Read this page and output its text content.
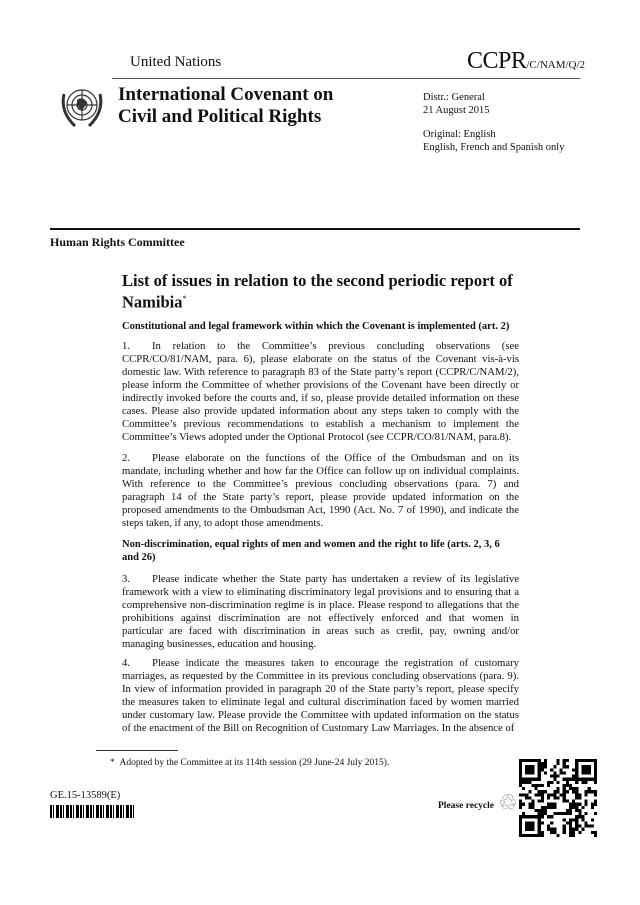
United Nations	CCPR/C/NAM/Q/2
International Covenant on
Civil and Political Rights
Distr.: General
21 August 2015
Original: English
English, French and Spanish only
Human Rights Committee
List of issues in relation to the second periodic report of
Namibia*
Constitutional and legal framework within which the Covenant is implemented (art. 2)
1. In relation to the Committee’s previous concluding observations (see
CCPR/CO/81/NAM, para. 6), please elaborate on the status of the Covenant vis-à-vis
domestic law. With reference to paragraph 83 of the State party’s report (CCPR/C/NAM/2),
please inform the Committee of whether provisions of the Covenant have been directly or
indirectly invoked before the courts and, if so, please provide detailed information on these
cases. Please also provide updated information about any steps taken to comply with the
Committee’s previous recommendations to establish a mechanism to implement the
Committee’s Views adopted under the Optional Protocol (see CCPR/CO/81/NAM, para.8).
2. Please elaborate on the functions of the Office of the Ombudsman and on its
mandate, including whether and how far the Office can follow up on individual complaints.
With reference to the Committee’s previous concluding observations (para. 7) and
paragraph 14 of the State party’s report, please provide updated information on the
proposed amendments to the Ombudsman Act, 1990 (Act. No. 7 of 1990), and indicate the
steps taken, if any, to adopt those amendments.
Non-discrimination, equal rights of men and women and the right to life (arts. 2, 3, 6
and 26)
3. Please indicate whether the State party has undertaken a review of its legislative
framework with a view to eliminating discriminatory legal provisions and to ensuring that a
comprehensive non-discrimination regime is in place. Please respond to allegations that the
prohibitions against discrimination are not effectively enforced and that women in
particular are faced with discrimination in areas such as credit, pay, owning and/or
managing businesses, education and housing.
4. Please indicate the measures taken to encourage the registration of customary
marriages, as requested by the Committee in its previous concluding observations (para. 9).
In view of information provided in paragraph 20 of the State party’s report, please specify
the measures taken to eliminate legal and cultural discrimination faced by women married
under customary law. Please provide the Committee with updated information on the status
of the enactment of the Bill on Recognition of Customary Law Marriages. In the absence of
* Adopted by the Committee at its 114th session (29 June-24 July 2015).
GE.15-13589(E)
Please recycle ♲
